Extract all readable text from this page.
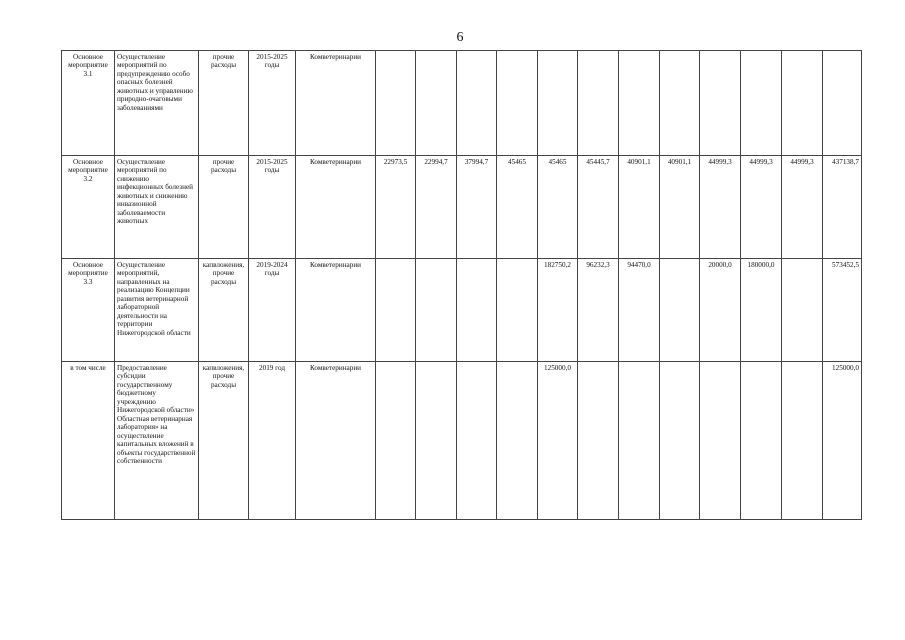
6
Основное мероприятие 3.1	Осуществление мероприятий по предупреждению особо опасных болезней животных и управлению природно-очаговыми заболеваниями	прочие расходы	2015-2025 годы	Комветеринарии												
Основное мероприятие 3.2	Осуществление мероприятий по снижению инфекционных болезней животных и снижению инвазионной заболеваемости животных	прочие расходы	2015-2025 годы	Комветеринарии	22973,5	22994,7	37994,7	45465	45465	45445,7	40901,1	40901,1	44999,3	44999,3	44999,3	437138,7
Основное мероприятие 3.3	Осуществление мероприятий, направленных на реализацию Концепции развития ветеринарной лабораторной деятельности на территории Нижегородской области	капвложения, прочие расходы	2019-2024 годы	Комветеринарии					182750,2	96232,3	94470,0		20000,0	180000,0		573452,5
в том числе	Предоставление субсидии государственному бюджетному учреждению Нижегородской области» Областная ветеринарная лаборатория» на осуществление капитальных вложений в объекты государственной собственности	капвложения, прочие расходы	2019 год	Комветеринарии					125000,0							125000,0
